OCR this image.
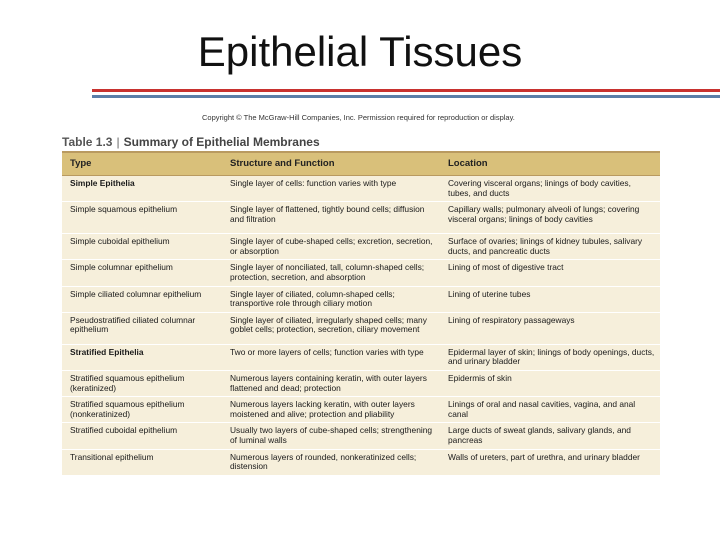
Epithelial Tissues
Copyright © The McGraw-Hill Companies, Inc. Permission required for reproduction or display.
Table 1.3 | Summary of Epithelial Membranes
Type	Structure and Function	Location
Simple Epithelia	Single layer of cells: function varies with type	Covering visceral organs; linings of body cavities, tubes, and ducts
Simple squamous epithelium	Single layer of flattened, tightly bound cells; diffusion and filtration	Capillary walls; pulmonary alveoli of lungs; covering visceral organs; linings of body cavities
Simple cuboidal epithelium	Single layer of cube-shaped cells; excretion, secretion, or absorption	Surface of ovaries; linings of kidney tubules, salivary ducts, and pancreatic ducts
Simple columnar epithelium	Single layer of nonciliated, tall, column-shaped cells; protection, secretion, and absorption	Lining of most of digestive tract
Simple ciliated columnar epithelium	Single layer of ciliated, column-shaped cells; transportive role through ciliary motion	Lining of uterine tubes
Pseudostratified ciliated columnar epithelium	Single layer of ciliated, irregularly shaped cells; many goblet cells; protection, secretion, ciliary movement	Lining of respiratory passageways
Stratified Epithelia	Two or more layers of cells; function varies with type	Epidermal layer of skin; linings of body openings, ducts, and urinary bladder
Stratified squamous epithelium (keratinized)	Numerous layers containing keratin, with outer layers flattened and dead; protection	Epidermis of skin
Stratified squamous epithelium (nonkeratinized)	Numerous layers lacking keratin, with outer layers moistened and alive; protection and pliability	Linings of oral and nasal cavities, vagina, and anal canal
Stratified cuboidal epithelium	Usually two layers of cube-shaped cells; strengthening of luminal walls	Large ducts of sweat glands, salivary glands, and pancreas
Transitional epithelium	Numerous layers of rounded, nonkeratinized cells; distension	Walls of ureters, part of urethra, and urinary bladder
